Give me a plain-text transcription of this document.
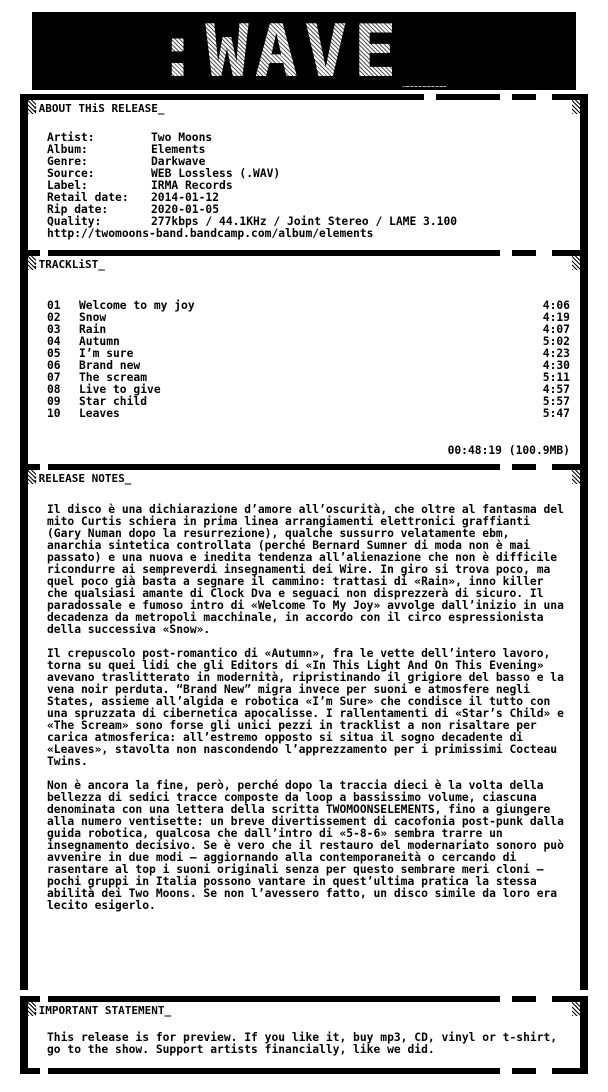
:WAVE_
:ABOUT THiS RELEASE_
Artist:	Two Moons
Album:	Elements
Genre:	Darkwave
Source:	WEB Lossless (.WAV)
Label:	IRMA Records
Retail date:	2014-01-12
Rip date:	2020-01-05
Quality:	277kbps / 44.1KHz / Joint Stereo / LAME 3.100
http://twomoons-band.bandcamp.com/album/elements
:TRACKLiST_
01	Welcome to my joy	4:06
02	Snow	4:19
03	Rain	4:07
04	Autumn	5:02
05	I’m sure	4:23
06	Brand new	4:30
07	The scream	5:11
08	Live to give	4:57
09	Star child	5:57
10	Leaves	5:47
00:48:19 (100.9MB)
:RELEASE NOTES_

Il disco è una dichiarazione d’amore all’oscurità, che oltre al fantasma del mito Curtis schiera in prima linea arrangiamenti elettronici graffianti (Gary Numan dopo la resurrezione), qualche sussurro velatamente ebm, anarchia sintetica controllata (perché Bernard Sumner di moda non è mai passato) e una nuova e inedita tendenza all’alienazione che non è difficile ricondurre ai sempreverdi insegnamenti dei Wire. In giro si trova poco, ma quel poco già basta a segnare il cammino: trattasi di «Rain», inno killer che qualsiasi amante di Clock Dva e seguaci non disprezzerà di sicuro. Il paradossale e fumoso intro di «Welcome To My Joy» avvolge dall’inizio in una decadenza da metropoli macchinale, in accordo con il circo espressionista della successiva «Snow».

Il crepuscolo post-romantico di «Autumn», fra le vette dell’intero lavoro, torna su quei lidi che gli Editors di «In This Light And On This Evening» avevano traslitterato in modernità, ripristinando il grigiore del basso e la vena noir perduta. “Brand New” migra invece per suoni e atmosfere negli States, assieme all’algida e robotica «I’m Sure» che condisce il tutto con una spruzzata di cibernetica apocalisse. I rallentamenti di «Star’s Child» e «The Scream» sono forse gli unici pezzi in tracklist a non risaltare per carica atmosferica: all’estremo opposto si situa il sogno decadente di «Leaves», stavolta non nascondendo l’apprezzamento per i primissimi Cocteau Twins.

Non è ancora la fine, però, perché dopo la traccia dieci è la volta della bellezza di sedici tracce composte da loop a bassissimo volume, ciascuna denominata con una lettera della scritta TWOMOONSELEMENTS, fino a giungere alla numero ventisette: un breve divertissement di cacofonia post-punk dalla guida robotica, qualcosa che dall’intro di «5-8-6» sembra trarre un insegnamento decisivo. Se è vero che il restauro del modernariato sonoro può avvenire in due modi – aggiornando alla contemporaneità o cercando di rasentare al top i suoni originali senza per questo sembrare meri cloni – pochi gruppi in Italia possono vantare in quest’ultima pratica la stessa abilità dei Two Moons. Se non l’avessero fatto, un disco simile da loro era lecito esigerlo.

:IMPORTANT STATEMENT_
This release is for preview. If you like it, buy mp3, CD, vinyl or t-shirt, go to the show. Support artists financially, like we did.
